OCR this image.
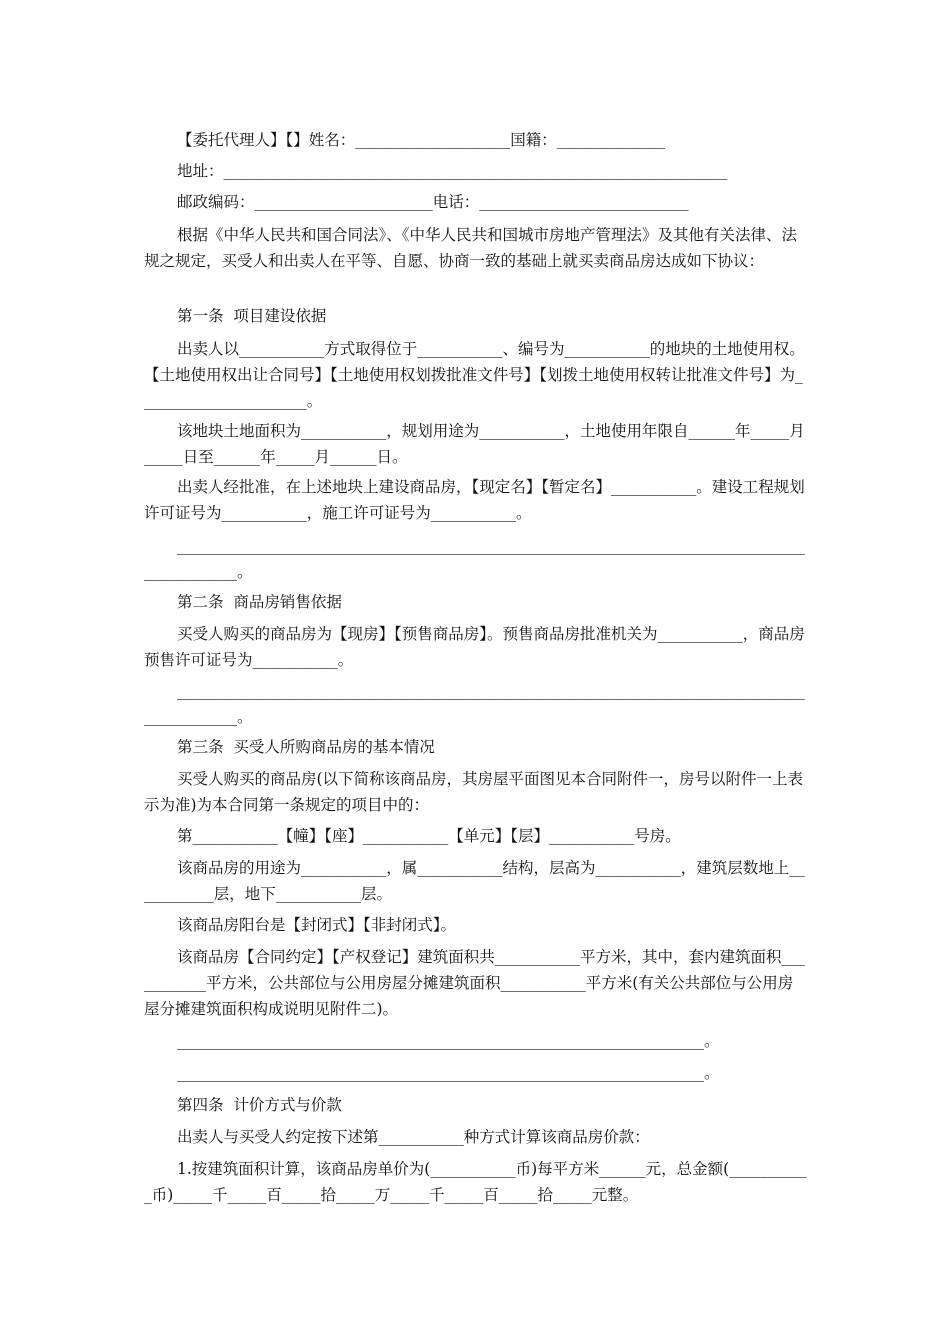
【委托代理人】【】姓名：____________________国籍：______________
地址：_________________________________________________________________
邮政编码：_______________________电话：___________________________
根据《中华人民共和国合同法》、《中华人民共和国城市房地产管理法》及其他有关法律、法规之规定，买受人和出卖人在平等、自愿、协商一致的基础上就买卖商品房达成如下协议：
第一条  项目建设依据
出卖人以___________方式取得位于___________、编号为___________的地块的土地使用权。【土地使用权出让合同号】【土地使用权划拨批准文件号】【划拨土地使用权转让批准文件号】为______________________。
该地块土地面积为___________，规划用途为___________，土地使用年限自______年_____月_____日至______年_____月______日。
出卖人经批准，在上述地块上建设商品房，【现定名】【暂定名】___________。建设工程规划许可证号为___________，施工许可证号为___________。
_____________________________________________________________________________________________。
第二条  商品房销售依据
买受人购买的商品房为【现房】【预售商品房】。预售商品房批准机关为___________，商品房预售许可证号为___________。
_____________________________________________________________________________________________。
第三条  买受人所购商品房的基本情况
买受人购买的商品房(以下简称该商品房，其房屋平面图见本合同附件一，房号以附件一上表示为准)为本合同第一条规定的项目中的：
第___________【幢】【座】___________【单元】【层】___________号房。
该商品房的用途为___________，属___________结构，层高为___________，建筑层数地上___________层，地下___________层。
该商品房阳台是【封闭式】【非封闭式】。
该商品房【合同约定】【产权登记】建筑面积共___________平方米，其中，套内建筑面积___________平方米，公共部位与公用房屋分摊建筑面积___________平方米(有关公共部位与公用房屋分摊建筑面积构成说明见附件二)。
____________________________________________________________________。
____________________________________________________________________。
第四条  计价方式与价款
出卖人与买受人约定按下述第___________种方式计算该商品房价款：
1.按建筑面积计算，该商品房单价为(___________币)每平方米______元，总金额(___________币)_____千_____百_____拾_____万_____千_____百_____拾_____元整。
